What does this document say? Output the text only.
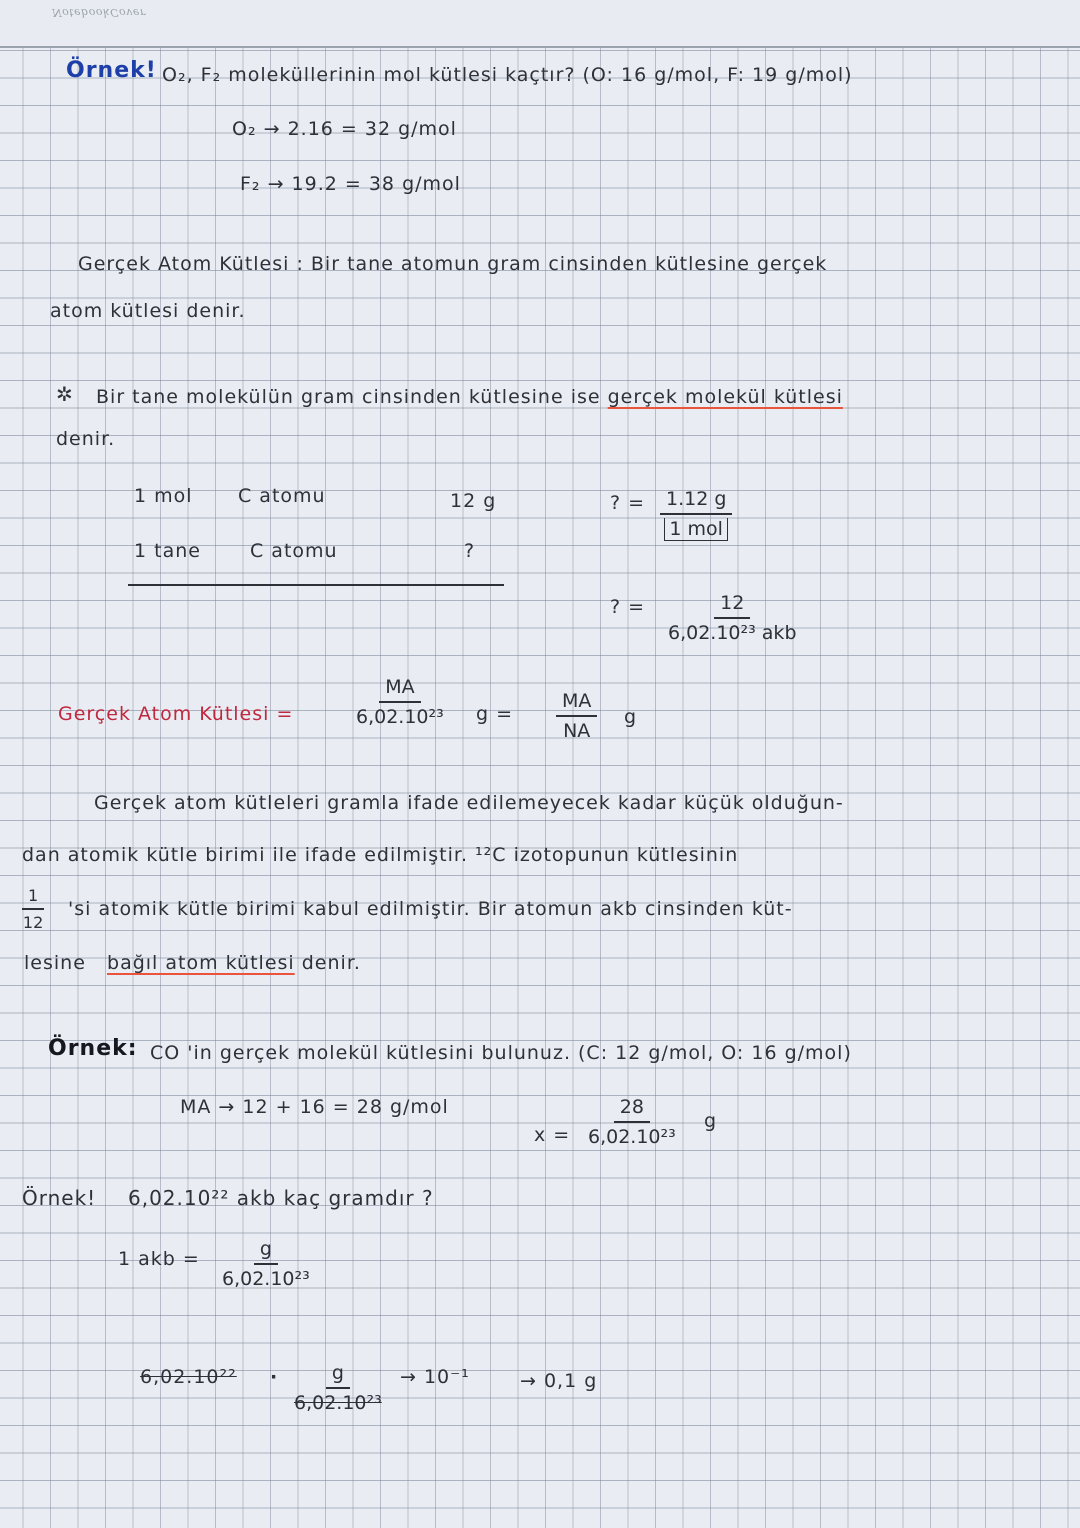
NotebookCover
Örnek! O₂, F₂ moleküllerinin mol kütlesi kaçtır? (O: 16 g/mol, F: 19 g/mol)
O₂ → 2.16 = 32 g/mol
F₂ → 19.2 = 38 g/mol
Gerçek Atom Kütlesi : Bir tane atomun gram cinsinden kütlesine gerçek
atom kütlesi denir.
✲ Bir tane molekülün gram cinsinden kütlesine ise gerçek molekül kütlesi
denir.
1 mol C atomu	12 g
1 tane	C atomu	?
? =	1.12 g
1 mol
? =	12
6,02.10²³ akb
Gerçek Atom Kütlesi =	$\frac{MA}{\text{6,02.10²³}}$ $g = \frac{MA}{NA}$ g
Gerçek atom kütleleri gramla ifade edilemeyecek kadar küçük olduğun-
dan atomik kütle birimi ile ifade edilmiştir. ¹²C izotopunun kütlesinin
$\frac{1}{12}$ 'si atomik kütle birimi kabul edilmiştir. Bir atomun akb cinsinden küt-
lesine bağıl atom kütlesi denir.
Örnek: CO 'in gerçek molekül kütlesini bulunuz. (C: 12 g/mol, O: 16 g/mol)
MA → 12 + 16 = 28 g/mol
$x = \frac{28}{\text{6,02.10²³}}$ g
Örnek! 6,02.10²² akb kaç gramdır ?
1 akb = $\frac{g}{\text{6,02.10²³}}$
$6,02.10^{22} \cdot \frac{g}{\text{6,02.10²³}} \to 10^{-1}$	→ 0,1 g
